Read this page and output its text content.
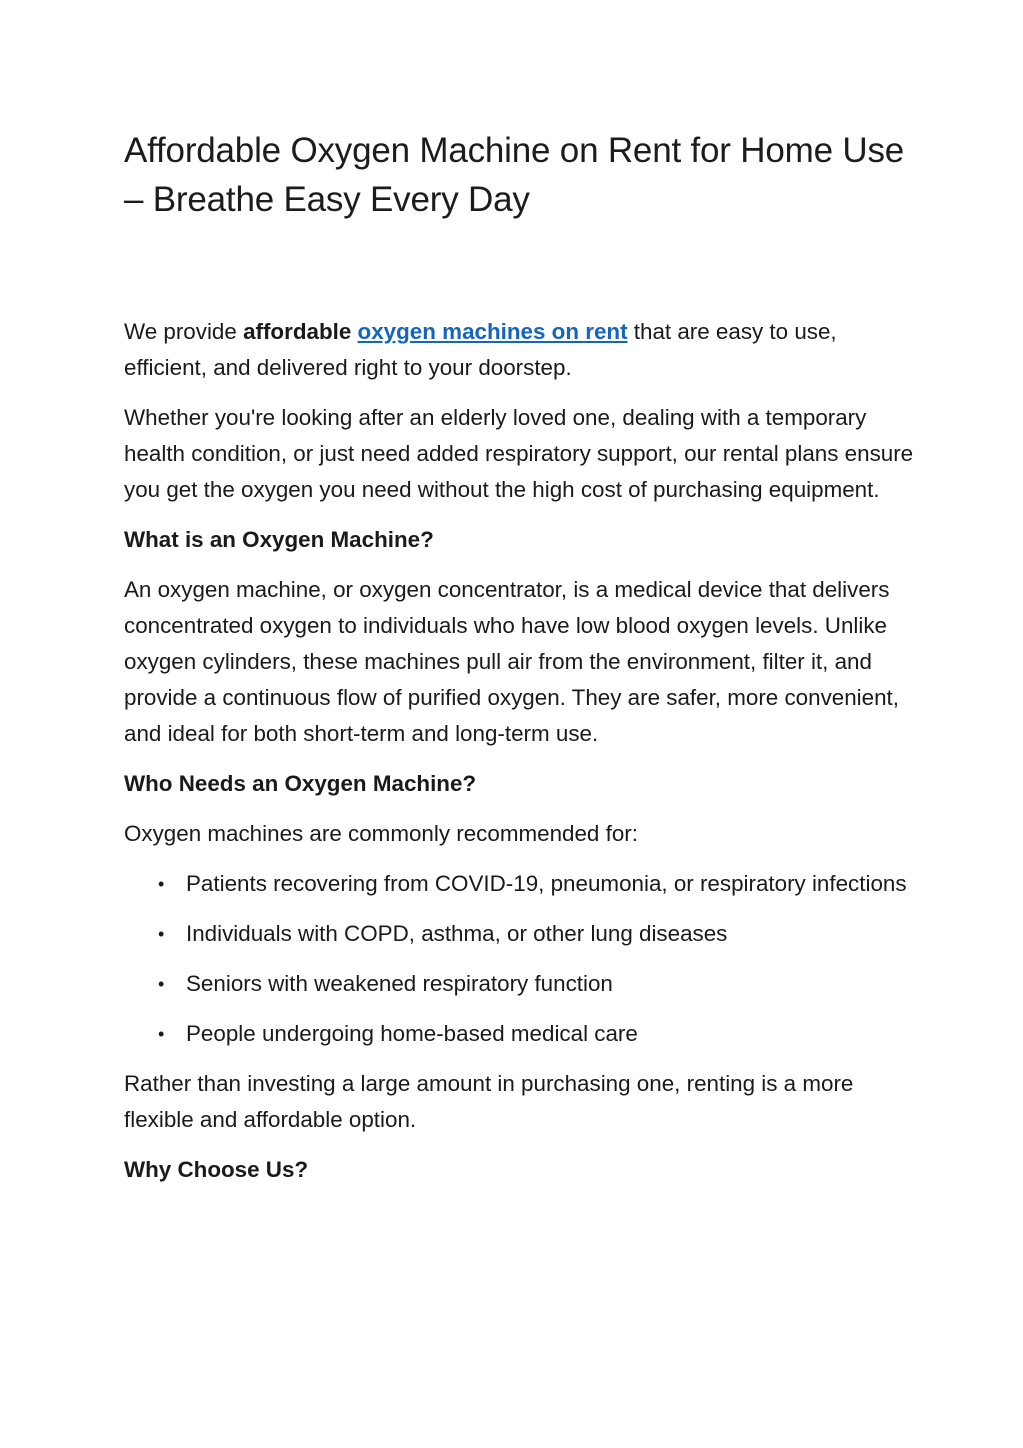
Affordable Oxygen Machine on Rent for Home Use – Breathe Easy Every Day

We provide affordable oxygen machines on rent that are easy to use, efficient, and delivered right to your doorstep.

Whether you're looking after an elderly loved one, dealing with a temporary health condition, or just need added respiratory support, our rental plans ensure you get the oxygen you need without the high cost of purchasing equipment.

What is an Oxygen Machine?

An oxygen machine, or oxygen concentrator, is a medical device that delivers concentrated oxygen to individuals who have low blood oxygen levels. Unlike oxygen cylinders, these machines pull air from the environment, filter it, and provide a continuous flow of purified oxygen. They are safer, more convenient, and ideal for both short-term and long-term use.

Who Needs an Oxygen Machine?

Oxygen machines are commonly recommended for:

• Patients recovering from COVID-19, pneumonia, or respiratory infections
• Individuals with COPD, asthma, or other lung diseases
• Seniors with weakened respiratory function
• People undergoing home-based medical care

Rather than investing a large amount in purchasing one, renting is a more flexible and affordable option.

Why Choose Us?
